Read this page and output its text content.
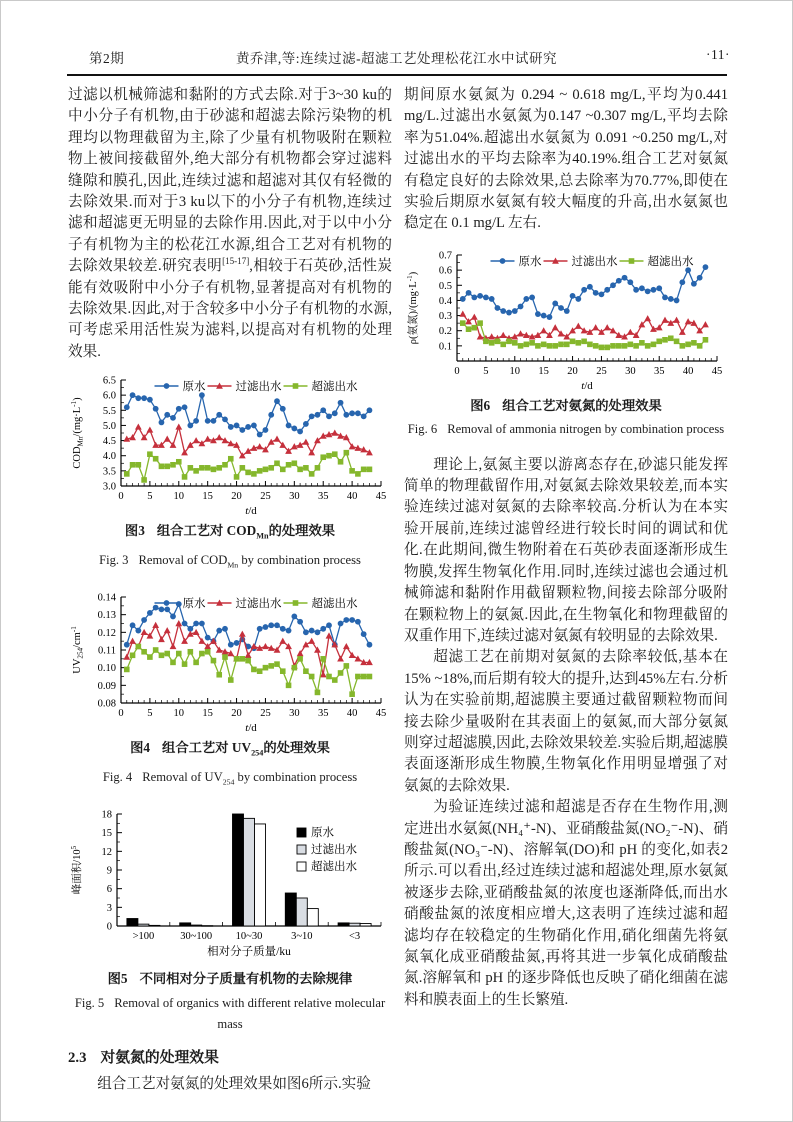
第2期	黄乔津,等:连续过滤-超滤工艺处理松花江水中试研究	·11·

过滤以机械筛滤和黏附的方式去除.对于3~30 ku的中小分子有机物,由于砂滤和超滤去除污染物的机理均以物理截留为主,除了少量有机物吸附在颗粒物上被间接截留外,绝大部分有机物都会穿过滤料缝隙和膜孔,因此,连续过滤和超滤对其仅有轻微的去除效果.而对于3 ku以下的小分子有机物,连续过滤和超滤更无明显的去除作用.因此,对于以中小分子有机物为主的松花江水源,组合工艺对有机物的去除效果较差.研究表明[15-17],相较于石英砂,活性炭能有效吸附中小分子有机物,显著提高对有机物的去除效果.因此,对于含较多中小分子有机物的水源,可考虑采用活性炭为滤料,以提高对有机物的处理效果.

3.0
3.5
4.0
4.5
5.0
5.5
6.0
6.5
0 5 10 15 20 25 30 35 40 45
t/d
$COD_{Mn}/(mg\cdot L^{-1})$
原水	过滤出水	超滤出水
图3 组合工艺对 $COD_{Mn}$的处理效果
Fig. 3 Removal of $COD_{Mn}$ by combination process
0.08
0.09
0.10
0.11
0.12
0.13
0.14
0 5 10 15 20 25 30 35 40 45
t/d
$UV_{254}/cm^{-1}$
原水	过滤出水	超滤出水
图4 组合工艺对 $UV_{254}$的处理效果
Fig. 4 Removal of $UV_{254}$ by combination process
0
3
6
9
12
15
18
>100 30~100 10~30	3~10	<3
相对分子质量/ku
峰面积$/10^5$
原水
过滤出水
超滤出水
图5 不同相对分子质量有机物的去除规律
Fig. 5 Removal of organics with different relative molecular mass

2.3 对氨氮的处理效果

组合工艺对氨氮的处理效果如图6所示.实验

期间原水氨氮为 0.294 ~ 0.618 mg/L,平均为0.441 mg/L.过滤出水氨氮为0.147 ~0.307 mg/L,平均去除率为51.04%.超滤出水氨氮为 0.091 ~0.250 mg/L,对过滤出水的平均去除率为40.19%.组合工艺对氨氮有稳定良好的去除效果,总去除率为70.77%,即使在实验后期原水氨氮有较大幅度的升高,出水氨氮也稳定在 0.1 mg/L 左右.

0.1
0.2
0.3
0.4
0.5
0.6
0.7
0 5 10 15 20 25 30 35 40 45
t/d
ρ(氨氮)$/(mg\cdot L^{-1})$
原水	过滤出水	超滤出水
图6 组合工艺对氨氮的处理效果
Fig. 6 Removal of ammonia nitrogen by combination process

理论上,氨氮主要以游离态存在,砂滤只能发挥简单的物理截留作用,对氨氮去除效果较差,而本实验连续过滤对氨氮的去除率较高.分析认为在本实验开展前,连续过滤曾经进行较长时间的调试和优化.在此期间,微生物附着在石英砂表面逐渐形成生物膜,发挥生物氧化作用.同时,连续过滤也会通过机械筛滤和黏附作用截留颗粒物,间接去除部分吸附在颗粒物上的氨氮.因此,在生物氧化和物理截留的双重作用下,连续过滤对氨氮有较明显的去除效果.

超滤工艺在前期对氨氮的去除率较低,基本在15% ~18%,而后期有较大的提升,达到45%左右.分析认为在实验前期,超滤膜主要通过截留颗粒物而间接去除少量吸附在其表面上的氨氮,而大部分氨氮则穿过超滤膜,因此,去除效果较差.实验后期,超滤膜表面逐渐形成生物膜,生物氧化作用明显增强了对氨氮的去除效果.

为验证连续过滤和超滤是否存在生物作用,测定进出水氨氮(NH₄⁺-N)、亚硝酸盐氮(NO₂⁻-N)、硝酸盐氮(NO₃⁻-N)、溶解氧(DO)和 pH 的变化,如表2所示.可以看出,经过连续过滤和超滤处理,原水氨氮被逐步去除,亚硝酸盐氮的浓度也逐渐降低,而出水硝酸盐氮的浓度相应增大,这表明了连续过滤和超滤均存在较稳定的生物硝化作用,硝化细菌先将氨氮氧化成亚硝酸盐氮,再将其进一步氧化成硝酸盐氮.溶解氧和 pH 的逐步降低也反映了硝化细菌在滤料和膜表面上的生长繁殖.
